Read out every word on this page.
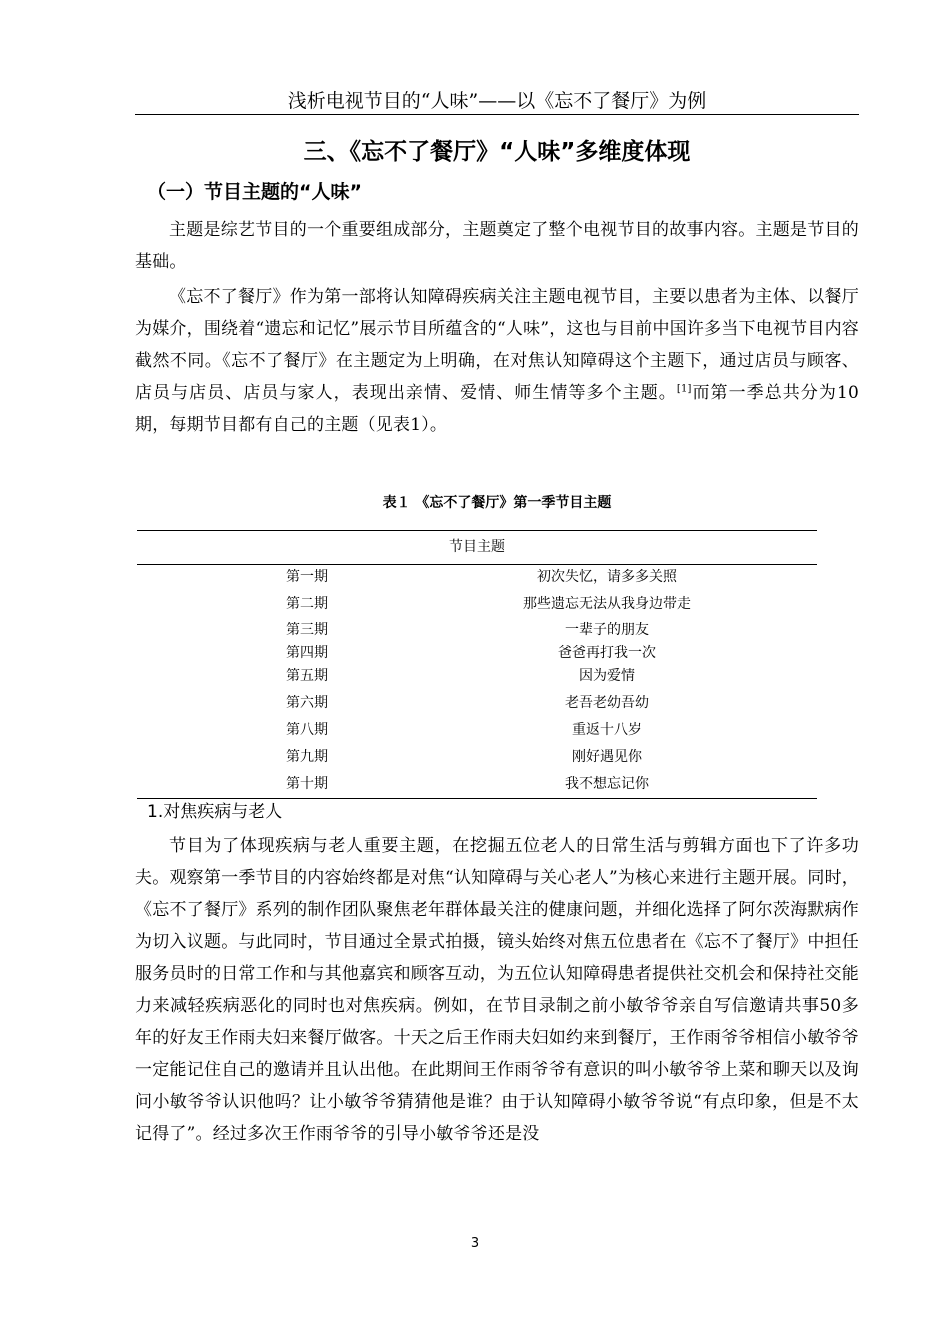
浅析电视节目的“人味”——以《忘不了餐厅》为例
三、《忘不了餐厅》“人味”多维度体现
（一）节目主题的“人味”

主题是综艺节目的一个重要组成部分，主题奠定了整个电视节目的故事内容。主题是节目的基础。

《忘不了餐厅》作为第一部将认知障碍疾病关注主题电视节目，主要以患者为主体、以餐厅为媒介，围绕着“遗忘和记忆”展示节目所蕴含的“人味”，这也与目前中国许多当下电视节目内容截然不同。《忘不了餐厅》在主题定为上明确，在对焦认知障碍这个主题下，通过店员与顾客、店员与店员、店员与家人，表现出亲情、爱情、师生情等多个主题。[1]而第一季总共分为10期，每期节目都有自己的主题（见表1）。

表１ 《忘不了餐厅》第一季节目主题
节目主题
第一期	初次失忆，请多多关照
第二期	那些遗忘无法从我身边带走
第三期	一辈子的朋友
第四期	爸爸再打我一次
第五期	因为爱情
第六期	老吾老幼吾幼
第八期	重返十八岁
第九期	刚好遇见你
第十期	我不想忘记你
1.对焦疾病与老人

节目为了体现疾病与老人重要主题，在挖掘五位老人的日常生活与剪辑方面也下了许多功夫。观察第一季节目的内容始终都是对焦“认知障碍与关心老人”为核心来进行主题开展。同时，《忘不了餐厅》系列的制作团队聚焦老年群体最关注的健康问题，并细化选择了阿尔茨海默病作为切入议题。与此同时，节目通过全景式拍摄，镜头始终对焦五位患者在《忘不了餐厅》中担任服务员时的日常工作和与其他嘉宾和顾客互动，为五位认知障碍患者提供社交机会和保持社交能力来减轻疾病恶化的同时也对焦疾病。例如，在节目录制之前小敏爷爷亲自写信邀请共事50多年的好友王作雨夫妇来餐厅做客。十天之后王作雨夫妇如约来到餐厅，王作雨爷爷相信小敏爷爷一定能记住自己的邀请并且认出他。在此期间王作雨爷爷有意识的叫小敏爷爷上菜和聊天以及询问小敏爷爷认识他吗？让小敏爷爷猜猜他是谁？由于认知障碍小敏爷爷说“有点印象，但是不太记得了”。经过多次王作雨爷爷的引导小敏爷爷还是没

3
